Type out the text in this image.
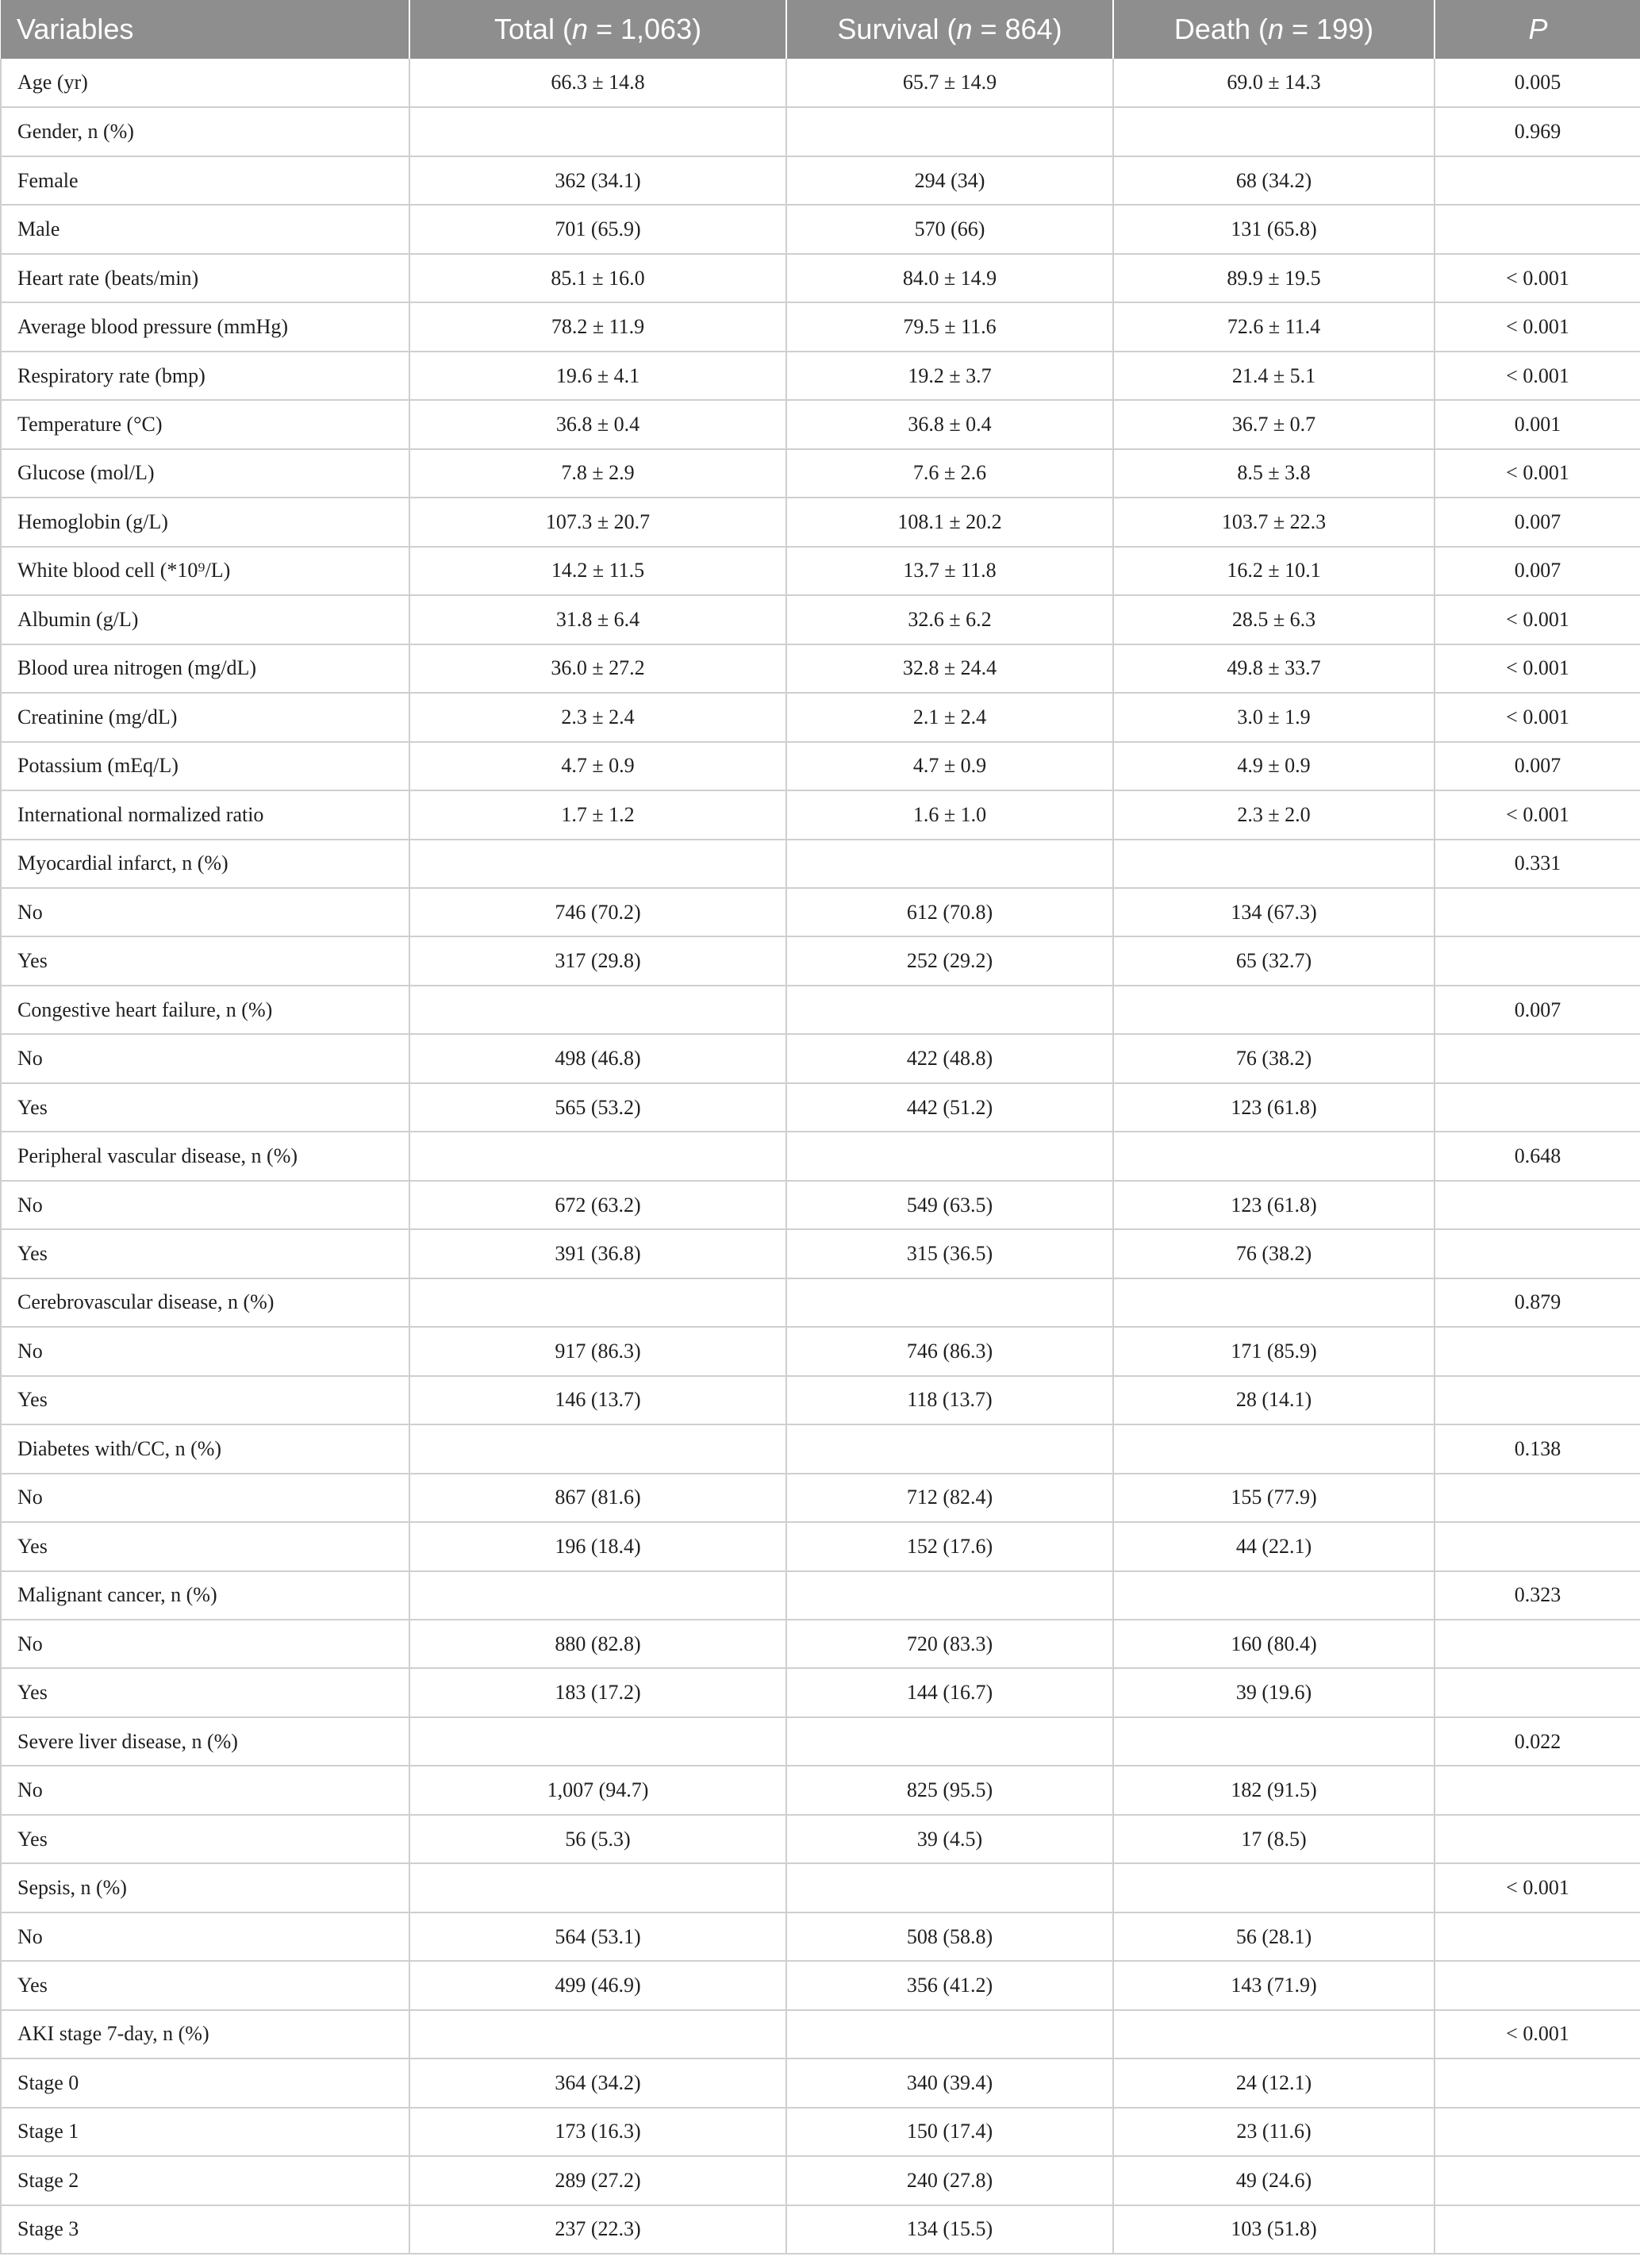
Variables	Total (n = 1,063)	Survival (n = 864)	Death (n = 199)	P
Age (yr)	66.3 ± 14.8	65.7 ± 14.9	69.0 ± 14.3	0.005
Gender, n (%)				0.969
Female	362 (34.1)	294 (34)	68 (34.2)	
Male	701 (65.9)	570 (66)	131 (65.8)	
Heart rate (beats/min)	85.1 ± 16.0	84.0 ± 14.9	89.9 ± 19.5	< 0.001
Average blood pressure (mmHg)	78.2 ± 11.9	79.5 ± 11.6	72.6 ± 11.4	< 0.001
Respiratory rate (bmp)	19.6 ± 4.1	19.2 ± 3.7	21.4 ± 5.1	< 0.001
Temperature (°C)	36.8 ± 0.4	36.8 ± 0.4	36.7 ± 0.7	0.001
Glucose (mol/L)	7.8 ± 2.9	7.6 ± 2.6	8.5 ± 3.8	< 0.001
Hemoglobin (g/L)	107.3 ± 20.7	108.1 ± 20.2	103.7 ± 22.3	0.007
White blood cell (*10⁹/L)	14.2 ± 11.5	13.7 ± 11.8	16.2 ± 10.1	0.007
Albumin (g/L)	31.8 ± 6.4	32.6 ± 6.2	28.5 ± 6.3	< 0.001
Blood urea nitrogen (mg/dL)	36.0 ± 27.2	32.8 ± 24.4	49.8 ± 33.7	< 0.001
Creatinine (mg/dL)	2.3 ± 2.4	2.1 ± 2.4	3.0 ± 1.9	< 0.001
Potassium (mEq/L)	4.7 ± 0.9	4.7 ± 0.9	4.9 ± 0.9	0.007
International normalized ratio	1.7 ± 1.2	1.6 ± 1.0	2.3 ± 2.0	< 0.001
Myocardial infarct, n (%)				0.331
No	746 (70.2)	612 (70.8)	134 (67.3)	
Yes	317 (29.8)	252 (29.2)	65 (32.7)	
Congestive heart failure, n (%)				0.007
No	498 (46.8)	422 (48.8)	76 (38.2)	
Yes	565 (53.2)	442 (51.2)	123 (61.8)	
Peripheral vascular disease, n (%)				0.648
No	672 (63.2)	549 (63.5)	123 (61.8)	
Yes	391 (36.8)	315 (36.5)	76 (38.2)	
Cerebrovascular disease, n (%)				0.879
No	917 (86.3)	746 (86.3)	171 (85.9)	
Yes	146 (13.7)	118 (13.7)	28 (14.1)	
Diabetes with/CC, n (%)				0.138
No	867 (81.6)	712 (82.4)	155 (77.9)	
Yes	196 (18.4)	152 (17.6)	44 (22.1)	
Malignant cancer, n (%)				0.323
No	880 (82.8)	720 (83.3)	160 (80.4)	
Yes	183 (17.2)	144 (16.7)	39 (19.6)	
Severe liver disease, n (%)				0.022
No	1,007 (94.7)	825 (95.5)	182 (91.5)	
Yes	56 (5.3)	39 (4.5)	17 (8.5)	
Sepsis, n (%)				< 0.001
No	564 (53.1)	508 (58.8)	56 (28.1)	
Yes	499 (46.9)	356 (41.2)	143 (71.9)	
AKI stage 7-day, n (%)				< 0.001
Stage 0	364 (34.2)	340 (39.4)	24 (12.1)	
Stage 1	173 (16.3)	150 (17.4)	23 (11.6)	
Stage 2	289 (27.2)	240 (27.8)	49 (24.6)	
Stage 3	237 (22.3)	134 (15.5)	103 (51.8)	
